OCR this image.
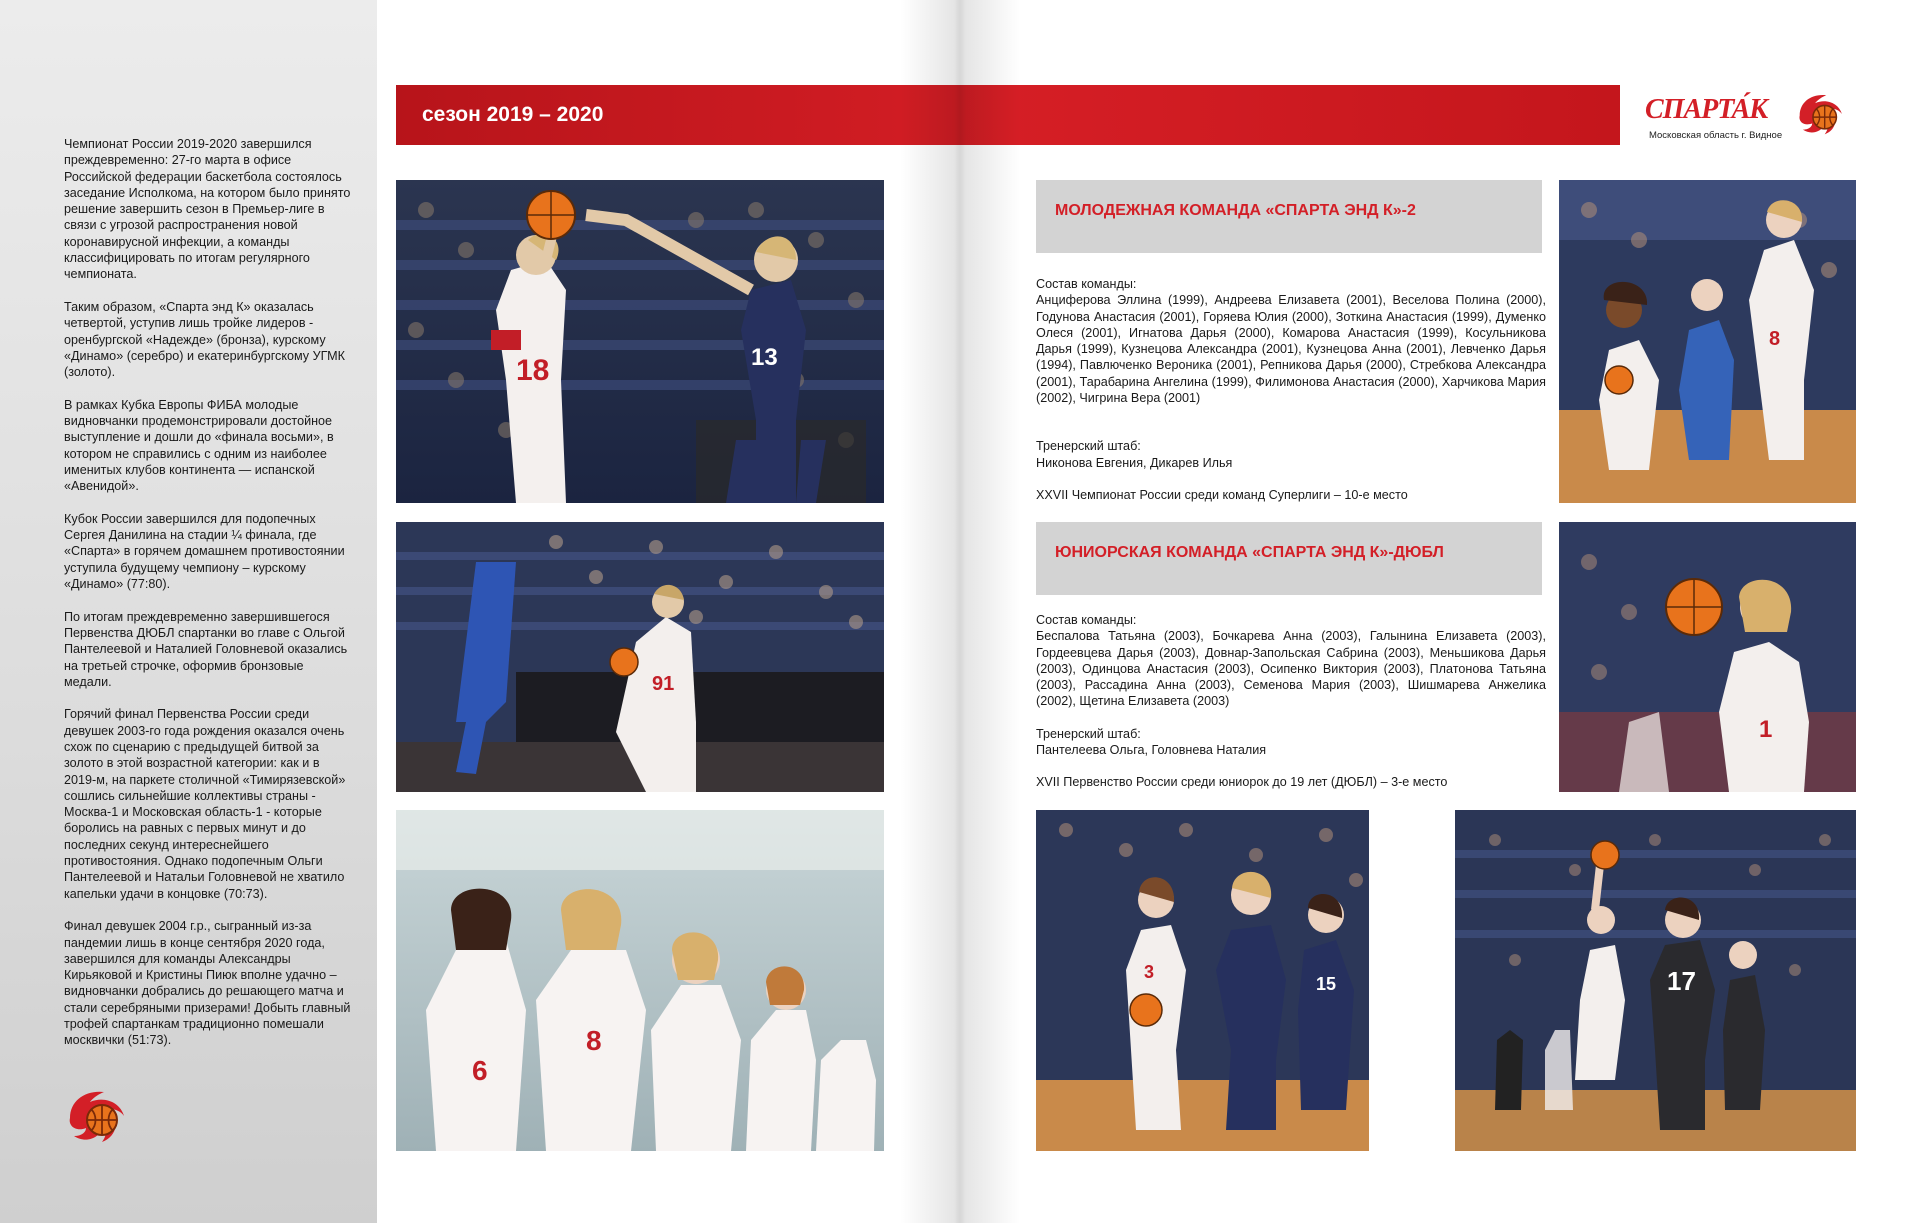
Чемпионат России 2019-2020 завершился преждевременно: 27-го марта в офисе Российской федерации баскетбола состоялось заседание Исполкома, на котором было принято решение завершить сезон в Премьер-лиге в связи с угрозой распространения новой коронавирусной инфекции, а команды классифицировать по итогам регулярного чемпионата.

Таким образом, «Спарта энд К» оказалась четвертой, уступив лишь тройке лидеров - оренбургской «Надежде» (бронза), курскому «Динамо» (серебро) и екатеринбургскому УГМК (золото).

В рамках Кубка Европы ФИБА молодые видновчанки продемонстрировали достойное выступление и дошли до «финала восьми», в котором не справились с одним из наиболее именитых клубов континента — испанской «Авенидой».

Кубок России завершился для подопечных Сергея Данилина на стадии ¼ финала, где «Спарта» в горячем домашнем противостоянии уступила будущему чемпиону – курскому «Динамо» (77:80).

По итогам преждевременно завершившегося Первенства ДЮБЛ спартанки во главе с Ольгой Пантелеевой и Наталией Головневой оказались на третьей строчке, оформив бронзовые медали.

Горячий финал Первенства России среди девушек 2003-го года рождения оказался очень схож по сценарию с предыдущей битвой за золото в этой возрастной категории: как и в 2019-м, на паркете столичной «Тимирязевской» сошлись сильнейшие коллективы страны - Москва-1 и Московская область-1 - которые боролись на равных с первых минут и до последних секунд интереснейшего противостояния. Однако подопечным Ольги Пантелеевой и Натальи Головневой не хватило капельки удачи в концовке (70:73).

Финал девушек 2004 г.р., сыгранный из-за пандемии лишь в конце сентября 2020 года, завершился для команды Александры Кирьяковой и Кристины Пиюк вполне удачно – видновчанки добрались до решающего матча и стали серебряными призерами! Добыть главный трофей спартанкам традиционно помешали москвички (51:73).

сезон 2019 – 2020	СПАРТА́К
Московская область г. Видное
18	13
91
6
8
МОЛОДЕЖНАЯ КОМАНДА «СПАРТА ЭНД К»-2

Состав команды:

Анциферова Эллина (1999), Андреева Елизавета (2001), Веселова Полина (2000), Годунова Анастасия (2001), Горяева Юлия (2000), Зоткина Анастасия (1999), Думенко Олеся (2001), Игнатова Дарья (2000), Комарова Анастасия (1999), Косульникова Дарья (1999), Кузнецова Александра (2001), Кузнецова Анна (2001), Левченко Дарья (1994), Павлюченко Вероника (2001), Репникова Дарья (2000), Стребкова Александра (2001), Тарабарина Ангелина (1999), Филимонова Анастасия (2000), Харчикова Мария (2002), Чигрина Вера (2001)

Тренерский штаб:

Никонова Евгения, Дикарев Илья

XXVII Чемпионат России среди команд Суперлиги – 10-е место

8
ЮНИОРСКАЯ КОМАНДА «СПАРТА ЭНД К»-ДЮБЛ

Состав команды:

Беспалова Татьяна (2003), Бочкарева Анна (2003), Галынина Елизавета (2003), Гордеевцева Дарья (2003), Довнар-Запольская Сабрина (2003), Меньшикова Дарья (2003), Одинцова Анастасия (2003), Осипенко Виктория (2003), Платонова Татьяна (2003), Рассадина Анна (2003), Семенова Мария (2003), Шишмарева Анжелика (2002), Щетина Елизавета (2003)

Тренерский штаб:

Пантелеева Ольга, Головнева Наталия

XVII Первенство России среди юниорок до 19 лет (ДЮБЛ) – 3-е место

1
3
15	17
